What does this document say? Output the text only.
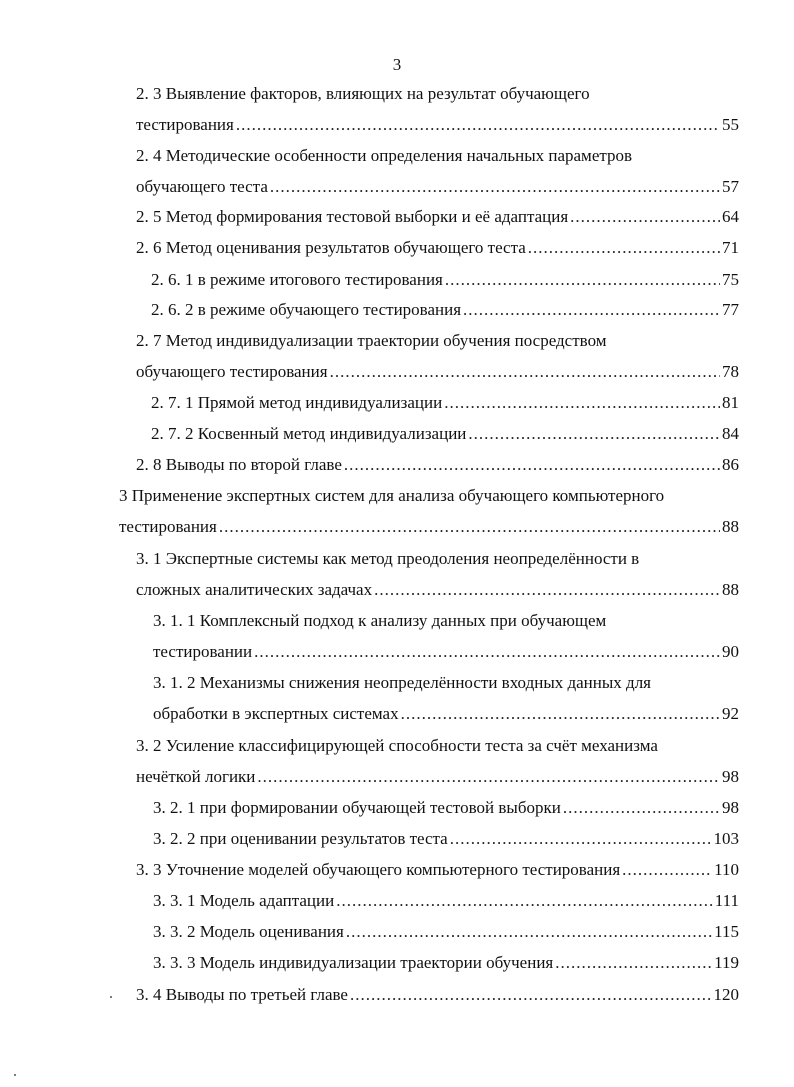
3
2. 3 Выявление факторов, влияющих на результат обучающего
тестирования .....	55
2. 4 Методические особенности определения начальных параметров
обучающего теста .....	57
2. 5 Метод формирования тестовой выборки и её адаптация .....	64
2. 6 Метод оценивания результатов обучающего теста .....	71
2. 6. 1 в режиме итогового тестирования .....	75
2. 6. 2 в режиме обучающего тестирования .....	77
2. 7 Метод индивидуализации траектории обучения посредством
обучающего тестирования .....	78
2. 7. 1 Прямой метод индивидуализации .....	81
2. 7. 2 Косвенный метод индивидуализации .....	84
2. 8 Выводы по второй главе .....	86
3 Применение экспертных систем для анализа обучающего компьютерного
тестирования .....	88
3. 1 Экспертные системы как метод преодоления неопределённости в
сложных аналитических задачах .....	88
3. 1. 1 Комплексный подход к анализу данных при обучающем
тестировании .....	90
3. 1. 2 Механизмы снижения неопределённости входных данных для
обработки в экспертных системах .....	92
3. 2 Усиление классифицирующей способности теста за счёт механизма
нечёткой логики .....	98
3. 2. 1 при формировании обучающей тестовой выборки .....	98
3. 2. 2 при оценивании результатов теста .....	103
3. 3 Уточнение моделей обучающего компьютерного тестирования .....	110
3. 3. 1 Модель адаптации .....	111
3. 3. 2 Модель оценивания .....	115
3. 3. 3 Модель индивидуализации траектории обучения .....	119
3. 4 Выводы по третьей главе .....	120
